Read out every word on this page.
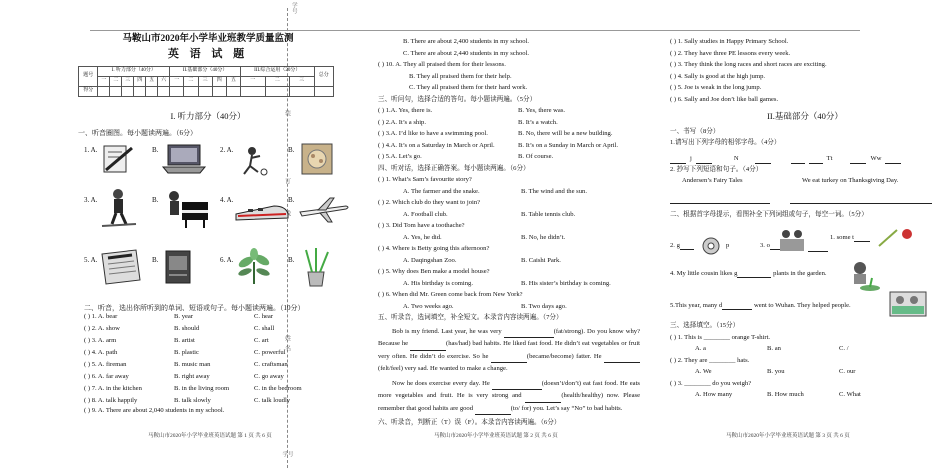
学
号
姓
名
订
装
学号
马鞍山市2020年小学毕业班教学质量监测
英 语 试 题
题号	I. 听力部分（40分）						II.基础部分（40分）					III.综合运用（20分）			总分
	一	二	三	四	五	六	一	二	三	四	五	一	二	三	
得分															
I. 听力部分（40分）
一、听音圈图。每小题读两遍。（6分）
1. A.	B.	2. A.	B.
3. A.	B.	4. A.	B.
5. A.	B.	6. A.	B.
二、听音，选出你所听到的单词、短语或句子。每小题读两遍。（10分）
( ) 1. A. bear	B. year	C. hear
( ) 2. A. show	B. should	C. shall
( ) 3. A. arm	B. artist	C. art
( ) 4. A. path	B. plastic	C. powerful
( ) 5. A. fireman	B. music man	C. craftsman
( ) 6. A. far away	B. right away	C. go away
( ) 7. A. in the kitchen	B. in the living room	C. in the bedroom
( ) 8. A. talk happily	B. talk slowly	C. talk loudly
( ) 9. A. There are about 2,040 students in my school.
马鞍山市2020年小学毕业班英语试题 第 1 页 共 6 页
B. There are about 2,400 students in my school.
C. There are about 2,440 students in my school.
( ) 10. A. They all praised them for their lessons.
B. They all praised them for their help.
C. They all praised them for their hard work.
三、听问句，选择合适的答句。每小题读两遍。（5分）
( ) 1.A. Yes, there is.	B. Yes, there was.
( ) 2.A. It’s a ship.	B. It’s a watch.
( ) 3.A. I’d like to have a swimming pool.	B. No, there will be a new building.
( ) 4.A. It’s on a Saturday in March or April.	B. It’s on a Sunday in March or April.
( ) 5.A. Let’s go.	B. Of course.
四、听对话，选择正确答案。每小题读两遍。（6分）
( ) 1. What’s Sam’s favourite story?
A. The farmer and the snake.	B. The wind and the sun.
( ) 2. Which club do they want to join?
A. Football club.	B. Table tennis club.
( ) 3. Did Tom have a toothache?
A. Yes, he did.	B. No, he didn’t.
( ) 4. Where is Betty going this afternoon?
A. Daqingshan Zoo.	B. Caishi Park.
( ) 5. Why does Ben make a model house?
A. His birthday is coming.	B. His sister’s birthday is coming.
( ) 6. When did Mr. Green come back from New York?
A. Two weeks ago.	B. Two days ago.
五、听录音，选词填空，补全短文。本录音内容读两遍。（7分）
Bob is my friend. Last year, he was very	(fat/strong). Do you know why? Because he	(has/had) bad habits. He liked fast food. He didn’t eat vegetables or fruit very often. He didn’t do exercise. So he	(became/become) fatter. He (felt/feel) very sad. He wanted to make a change.
Now he does exercise every day. He	(doesn’t/don’t) eat fast food. He eats more vegetables and fruit. He is very strong and	(health/healthy) now. Please remember that good habits are good	(to/ for) you. Let’s say “No” to bad habits.
六、听录音，判断正（T）误（F）。本录音内容读两遍。（6分）
马鞍山市2020年小学毕业班英语试题 第 2 页 共 6 页
( ) 1. Sally studies in Happy Primary School.
( ) 2. They have three PE lessons every week.
( ) 3. They think the long races and short races are exciting.
( ) 4. Sally is good at the high jump.
( ) 5. Joe is weak in the long jump.
( ) 6. Sally and Joe don’t like ball games.
II.基础部分（40分）
一、书写（8分）
1.请写出下列字母的相邻字母。（4分）
j	N	Tt	Ww
2. 抄写下列短语和句子。（4分）
Andersen’s Fairy Tales	We eat turkey on Thanksgiving Day.
二、根据首字母提示，看图补全下列词组或句子，每空一词。（5分）
1. some t
2. g	p	3. o
4. My little cousin likes g	plants in the garden.
5.This year, many d	went to Wuhan. They helped people.
三、选择填空。（15分）
( ) 1. This is ________ orange T-shirt.
A. a	B. an	C. /
( ) 2. They are ________ hats.
A. We	B. you	C. our
( ) 3. ________ do you weigh?
A. How many	B. How much	C. What
马鞍山市2020年小学毕业班英语试题 第 3 页 共 6 页
